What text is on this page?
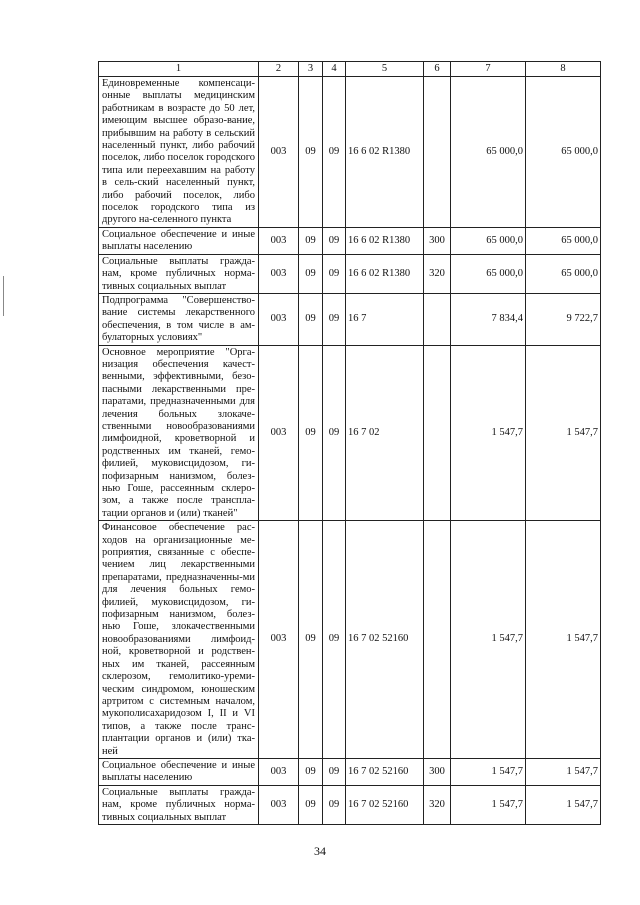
1	2	3	4	5	6	7	8
Единовременные компенсаци-онные выплаты медицинским работникам в возрасте до 50 лет, имеющим высшее образо-вание, прибывшим на работу в сельский населенный пункт, либо рабочий поселок, либо поселок городского типа или переехавшим на работу в сель-ский населенный пункт, либо рабочий поселок, либо поселок городского типа из другого на-селенного пункта	003	09	09	16 6 02 R1380		65 000,0	65 000,0
Социальное обеспечение и иные выплаты населению	003	09	09	16 6 02 R1380	300	65 000,0	65 000,0
Социальные выплаты гражда-нам, кроме публичных норма-тивных социальных выплат	003	09	09	16 6 02 R1380	320	65 000,0	65 000,0
Подпрограмма "Совершенство-вание системы лекарственного обеспечения, в том числе в ам-булаторных условиях"	003	09	09	16 7		7 834,4	9 722,7
Основное мероприятие "Орга-низация обеспечения качест-венными, эффективными, безо-пасными лекарственными пре-паратами, предназначенными для лечения больных злокаче-ственными новообразованиями лимфоидной, кроветворной и родственных им тканей, гемо-филией, муковисцидозом, ги-пофизарным нанизмом, болез-нью Гоше, рассеянным склеро-зом, а также после транспла-тации органов и (или) тканей"	003	09	09	16 7 02		1 547,7	1 547,7
Финансовое обеспечение рас-ходов на организационные ме-роприятия, связанные с обеспе-чением лиц лекарственными препаратами, предназначенны-ми для лечения больных гемо-филией, муковисцидозом, ги-пофизарным нанизмом, болез-нью Гоше, злокачественными новообразованиями лимфоид-ной, кроветворной и родствен-ных им тканей, рассеянным склерозом, гемолитико-уреми-ческим синдромом, юношеским артритом с системным началом, мукополисахаридозом I, II и VI типов, а также после транс-плантации органов и (или) тка-ней	003	09	09	16 7 02 52160		1 547,7	1 547,7
Социальное обеспечение и иные выплаты населению	003	09	09	16 7 02 52160	300	1 547,7	1 547,7
Социальные выплаты гражда-нам, кроме публичных норма-тивных социальных выплат	003	09	09	16 7 02 52160	320	1 547,7	1 547,7
34
